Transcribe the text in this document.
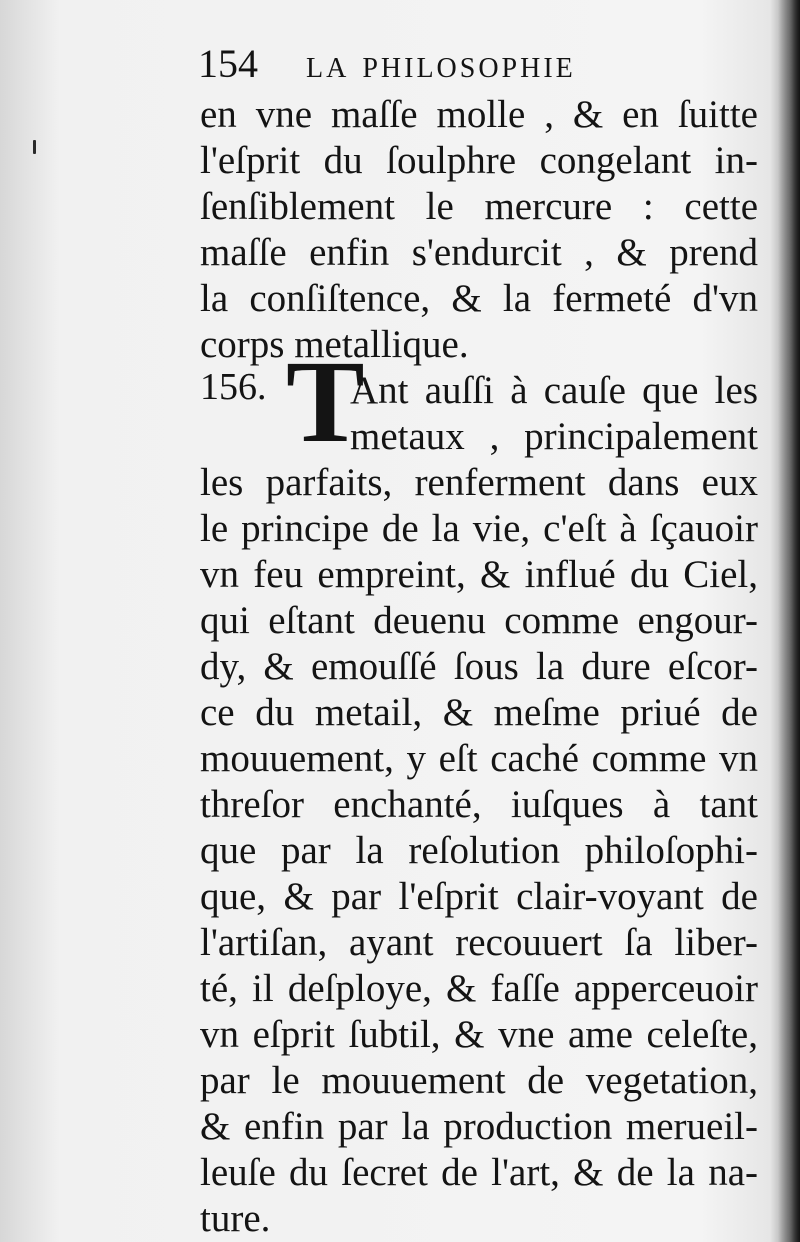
154 la philosophie
en vne maſſe molle , & en ſuitte
l'eſprit du ſoulphre congelant in-
ſenſiblement le mercure : cette
maſſe enfin s'endurcit , & prend
la conſiſtence, & la fermeté d'vn
corps metallique.
Ant auſſi à cauſe que les
metaux , principalement
les parfaits, renferment dans eux
le principe de la vie, c'eſt à ſçauoir
vn feu empreint, & influé du Ciel,
qui eſtant deuenu comme engour-
dy, & emouſſé ſous la dure eſcor-
ce du metail, & meſme priué de
mouuement, y eſt caché comme vn
threſor enchanté, iuſques à tant
que par la reſolution philoſophi-
que, & par l'eſprit clair-voyant de
l'artiſan, ayant recouuert ſa liber-
té, il deſploye, & faſſe apperceuoir
vn eſprit ſubtil, & vne ame celeſte,
par le mouuement de vegetation,
& enfin par la production merueil-
leuſe du ſecret de l'art, & de la na-
ture.
156. T
